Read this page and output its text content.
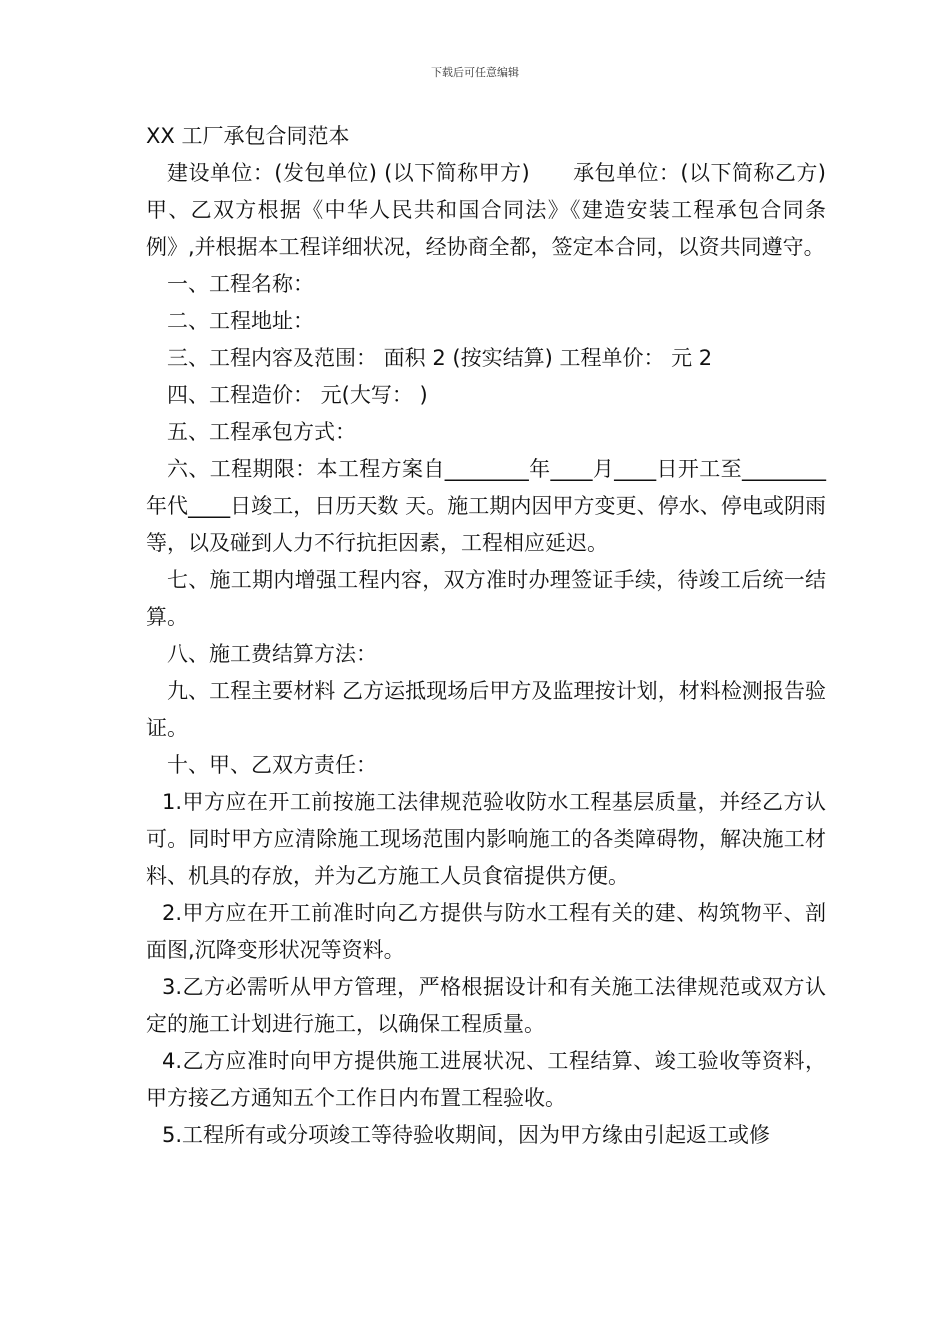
下载后可任意编辑
XX 工厂承包合同范本

建设单位：(发包单位) (以下简称甲方)　　承包单位：(以下简称乙方)　　甲、乙双方根据《中华人民共和国合同法》《建造安装工程承包合同条例》,并根据本工程详细状况，经协商全都，签定本合同，以资共同遵守。

一、工程名称：

二、工程地址：

三、工程内容及范围： 面积 2 (按实结算) 工程单价： 元 2

四、工程造价： 元(大写： )

五、工程承包方式：

六、工程期限：本工程方案自________年____月____日开工至________年代____日竣工，日历天数 天。施工期内因甲方变更、停水、停电或阴雨等，以及碰到人力不行抗拒因素，工程相应延迟。

七、施工期内增强工程内容，双方准时办理签证手续，待竣工后统一结算。

八、施工费结算方法：

九、工程主要材料 乙方运抵现场后甲方及监理按计划，材料检测报告验证。

十、甲、乙双方责任：

1.甲方应在开工前按施工法律规范验收防水工程基层质量，并经乙方认可。同时甲方应清除施工现场范围内影响施工的各类障碍物，解决施工材料、机具的存放，并为乙方施工人员食宿提供方便。

2.甲方应在开工前准时向乙方提供与防水工程有关的建、构筑物平、剖面图,沉降变形状况等资料。

3.乙方必需听从甲方管理，严格根据设计和有关施工法律规范或双方认定的施工计划进行施工，以确保工程质量。

4.乙方应准时向甲方提供施工进展状况、工程结算、竣工验收等资料，甲方接乙方通知五个工作日内布置工程验收。

5.工程所有或分项竣工等待验收期间，因为甲方缘由引起返工或修
